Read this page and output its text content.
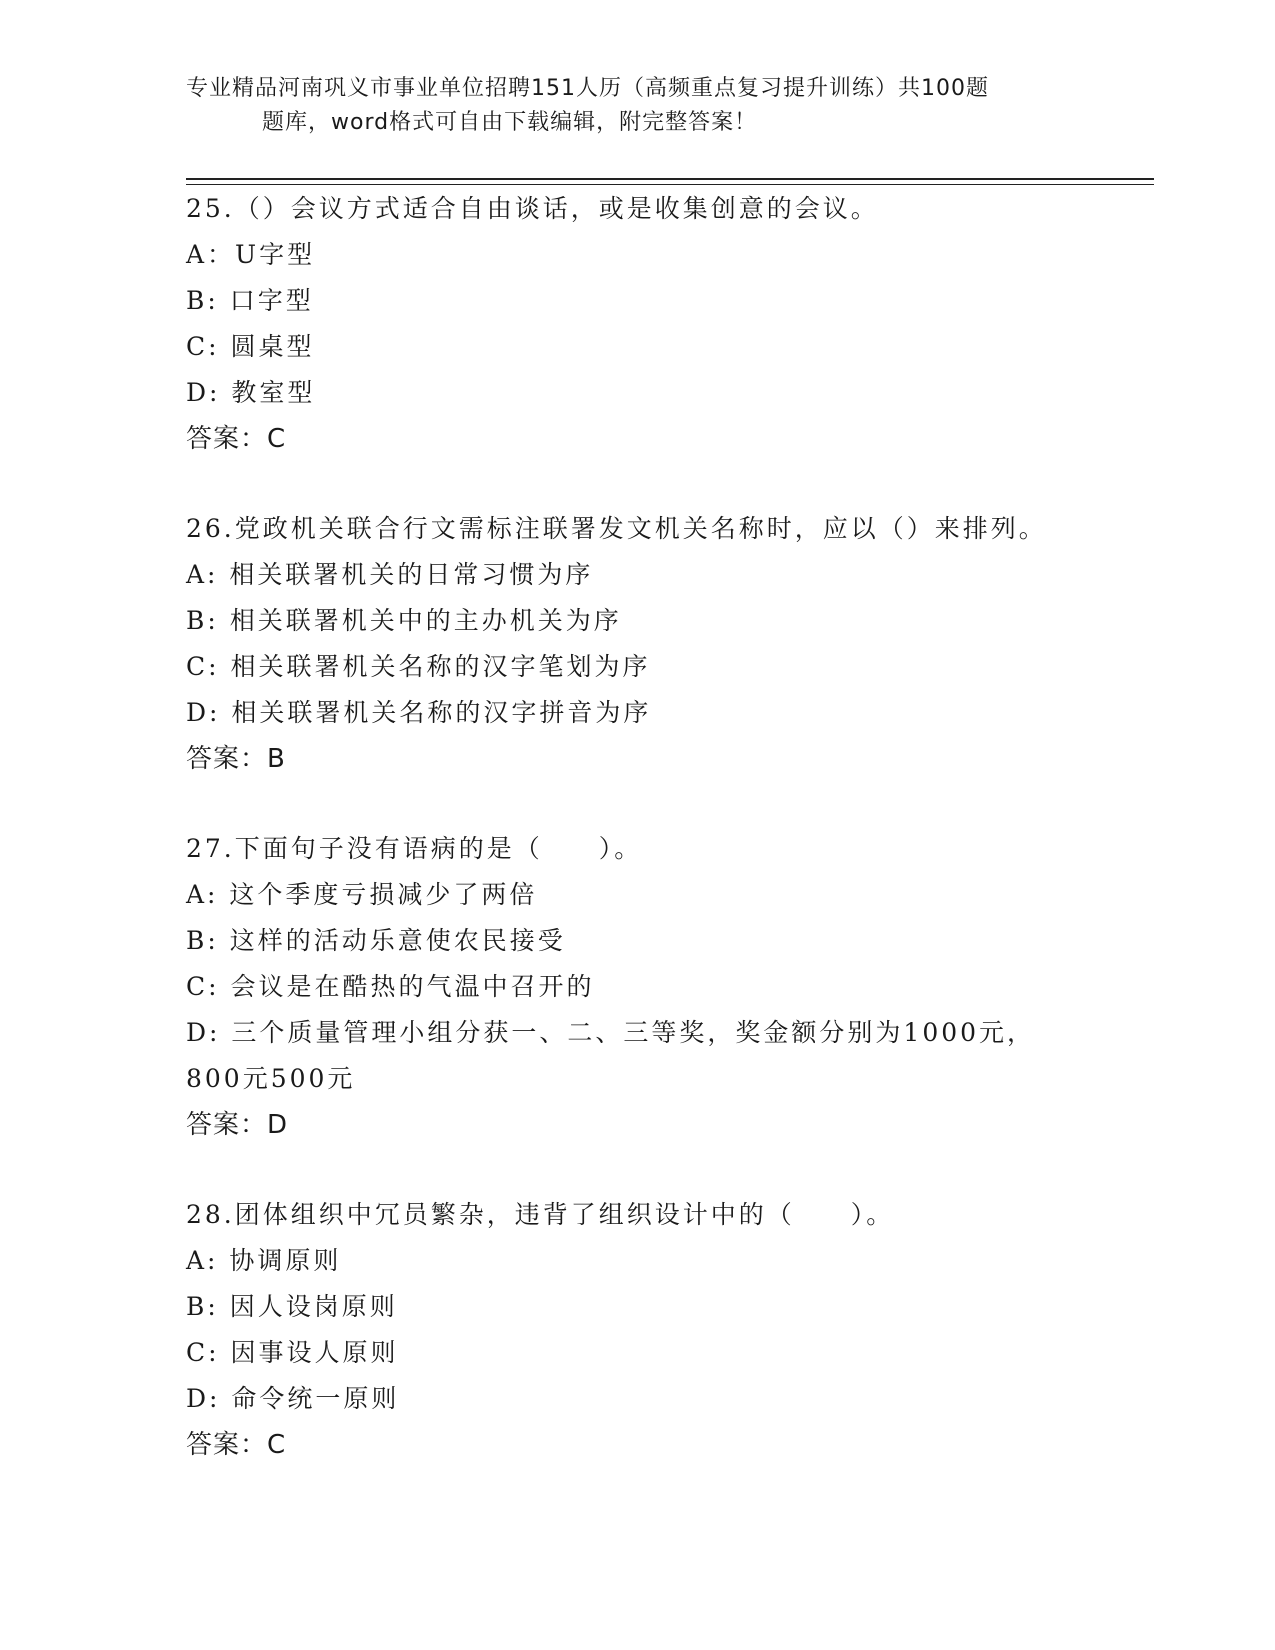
专业精品河南巩义市事业单位招聘151人历（高频重点复习提升训练）共100题
题库，word格式可自由下载编辑，附完整答案！
25.（）会议方式适合自由谈话，或是收集创意的会议。
A：U字型
B: 口字型
C: 圆桌型
D: 教室型
答案：C
26.党政机关联合行文需标注联署发文机关名称时，应以（）来排列。
A: 相关联署机关的日常习惯为序
B: 相关联署机关中的主办机关为序
C: 相关联署机关名称的汉字笔划为序
D: 相关联署机关名称的汉字拼音为序
答案：B
27.下面句子没有语病的是（　　）。
A: 这个季度亏损减少了两倍
B: 这样的活动乐意使农民接受
C: 会议是在酷热的气温中召开的
D: 三个质量管理小组分获一、二、三等奖，奖金额分别为1000元，
800元500元
答案：D
28.团体组织中冗员繁杂，违背了组织设计中的（　　）。
A: 协调原则
B: 因人设岗原则
C: 因事设人原则
D: 命令统一原则
答案：C
